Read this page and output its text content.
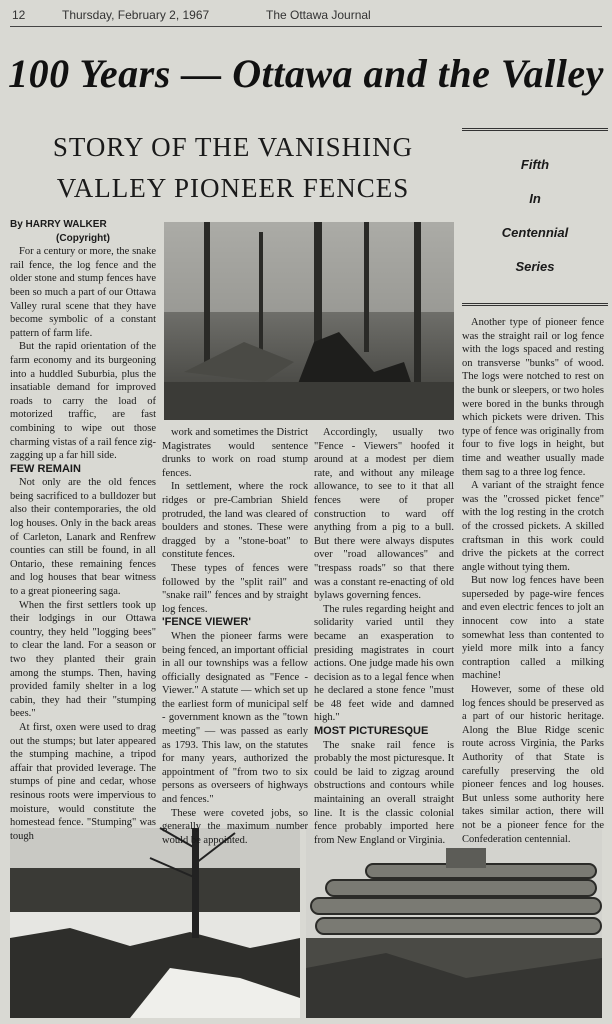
12	Thursday, February 2, 1967	The Ottawa Journal
100 Years — Ottawa and the Valley
STORY OF THE VANISHING
VALLEY PIONEER FENCES
Fifth
In
Centennial
Series
By HARRY WALKER
(Copyright)

For a century or more, the snake rail fence, the log fence and the older stone and stump fences have been so much a part of our Ottawa Valley rural scene that they have become symbolic of a constant pattern of farm life.

But the rapid orientation of the farm economy and its burgeoning into a huddled Suburbia, plus the insatiable demand for improved roads to carry the load of motorized traffic, are fast combining to wipe out those charming vistas of a rail fence zig-zagging up a far hill side.

FEW REMAIN

Not only are the old fences being sacrificed to a bulldozer but also their contemporaries, the old log houses. Only in the back areas of Carleton, Lanark and Renfrew counties can still be found, in all Ontario, these remaining fences and log houses that bear witness to a great pioneering saga.

When the first settlers took up their lodgings in our Ottawa country, they held "logging bees" to clear the land. For a season or two they planted their grain among the stumps. Then, having provided family shelter in a log cabin, they had their "stumping bees."

At first, oxen were used to drag out the stumps; but later appeared the stumping machine, a tripod affair that provided leverage. The stumps of pine and cedar, whose resinous roots were impervious to moisture, would constitute the homestead fence. "Stumping" was tough

work and sometimes the District Magistrates would sentence drunks to work on road stump fences.

In settlement, where the rock ridges or pre-Cambrian Shield protruded, the land was cleared of boulders and stones. These were dragged by a "stone-boat" to constitute fences.

These types of fences were followed by the "split rail" and "snake rail" fences and by straight log fences.

'FENCE VIEWER'

When the pioneer farms were being fenced, an important official in all our townships was a fellow officially designated as "Fence - Viewer." A statute — which set up the earliest form of municipal self - government known as the "town meeting" — was passed as early as 1793. This law, on the statutes for many years, authorized the appointment of "from two to six persons as overseers of highways and fences."

These were coveted jobs, so generally the maximum number would be appointed.

Accordingly, usually two "Fence - Viewers" hoofed it around at a modest per diem rate, and without any mileage allowance, to see to it that all fences were of proper construction to ward off anything from a pig to a bull. But there were always disputes over "road allowances" and "trespass roads" so that there was a constant re-enacting of old bylaws governing fences.

The rules regarding height and solidarity varied until they became an exasperation to presiding magistrates in court actions. One judge made his own decision as to a legal fence when he declared a stone fence "must be 48 feet wide and damned high."

MOST PICTURESQUE

The snake rail fence is probably the most picturesque. It could be laid to zigzag around obstructions and contours while maintaining an overall straight line. It is the classic colonial fence probably imported here from New England or Virginia.

Another type of pioneer fence was the straight rail or log fence with the logs spaced and resting on transverse "bunks" of wood. The logs were notched to rest on the bunk or sleepers, or two holes were bored in the bunks through which pickets were driven. This type of fence was originally from four to five logs in height, but time and weather usually made them sag to a three log fence.

A variant of the straight fence was the "crossed picket fence" with the log resting in the crotch of the crossed pickets. A skilled craftsman in this work could drive the pickets at the correct angle without tying them.

But now log fences have been superseded by page-wire fences and even electric fences to jolt an innocent cow into a state somewhat less than contented to yield more milk into a fancy contraption called a milking machine!

However, some of these old log fences should be preserved as a part of our historic heritage. Along the Blue Ridge scenic route across Virginia, the Parks Authority of that State is carefully preserving the old pioneer fences and log houses. But unless some authority here takes similar action, there will not be a pioneer fence for the Confederation centennial.
